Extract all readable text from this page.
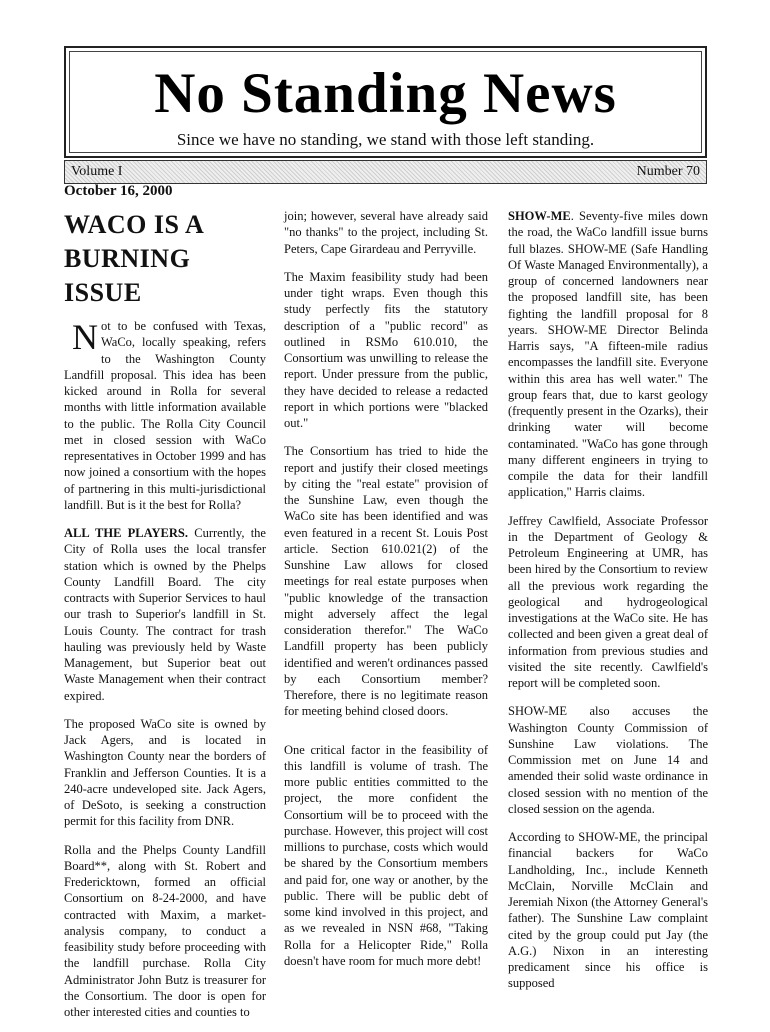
No Standing News
Since we have no standing, we stand with those left standing.
Volume I	Number 70
October 16, 2000
WACO IS A BURNING ISSUE

Not to be confused with Texas, WaCo, locally speaking, refers to the Washington County Landfill proposal. This idea has been kicked around in Rolla for several months with little information available to the public. The Rolla City Council met in closed session with WaCo representatives in October 1999 and has now joined a consortium with the hopes of partnering in this multi-jurisdictional landfill. But is it the best for Rolla?

ALL THE PLAYERS. Currently, the City of Rolla uses the local transfer station which is owned by the Phelps County Landfill Board. The city contracts with Superior Services to haul our trash to Superior's landfill in St. Louis County. The contract for trash hauling was previously held by Waste Management, but Superior beat out Waste Management when their contract expired.

The proposed WaCo site is owned by Jack Agers, and is located in Washington County near the borders of Franklin and Jefferson Counties. It is a 240-acre undeveloped site. Jack Agers, of DeSoto, is seeking a construction permit for this facility from DNR.

Rolla and the Phelps County Landfill Board**, along with St. Robert and Fredericktown, formed an official Consortium on 8-24-2000, and have contracted with Maxim, a market-analysis company, to conduct a feasibility study before proceeding with the landfill purchase. Rolla City Administrator John Butz is treasurer for the Consortium. The door is open for other interested cities and counties to

join; however, several have already said "no thanks" to the project, including St. Peters, Cape Girardeau and Perryville.

The Maxim feasibility study had been under tight wraps. Even though this study perfectly fits the statutory description of a "public record" as outlined in RSMo 610.010, the Consortium was unwilling to release the report. Under pressure from the public, they have decided to release a redacted report in which portions were "blacked out."

The Consortium has tried to hide the report and justify their closed meetings by citing the "real estate" provision of the Sunshine Law, even though the WaCo site has been identified and was even featured in a recent St. Louis Post article. Section 610.021(2) of the Sunshine Law allows for closed meetings for real estate purposes when "public knowledge of the transaction might adversely affect the legal consideration therefor." The WaCo Landfill property has been publicly identified and weren't ordinances passed by each Consortium member? Therefore, there is no legitimate reason for meeting behind closed doors.

One critical factor in the feasibility of this landfill is volume of trash. The more public entities committed to the project, the more confident the Consortium will be to proceed with the purchase. However, this project will cost millions to purchase, costs which would be shared by the Consortium members and paid for, one way or another, by the public. There will be public debt of some kind involved in this project, and as we revealed in NSN #68, "Taking Rolla for a Helicopter Ride," Rolla doesn't have room for much more debt!

SHOW-ME. Seventy-five miles down the road, the WaCo landfill issue burns full blazes. SHOW-ME (Safe Handling Of Waste Managed Environmentally), a group of concerned landowners near the proposed landfill site, has been fighting the landfill proposal for 8 years. SHOW-ME Director Belinda Harris says, "A fifteen-mile radius encompasses the landfill site. Everyone within this area has well water." The group fears that, due to karst geology (frequently present in the Ozarks), their drinking water will become contaminated. "WaCo has gone through many different engineers in trying to compile the data for their landfill application," Harris claims.

Jeffrey Cawlfield, Associate Professor in the Department of Geology & Petroleum Engineering at UMR, has been hired by the Consortium to review all the previous work regarding the geological and hydrogeological investigations at the WaCo site. He has collected and been given a great deal of information from previous studies and visited the site recently. Cawlfield's report will be completed soon.

SHOW-ME also accuses the Washington County Commission of Sunshine Law violations. The Commission met on June 14 and amended their solid waste ordinance in closed session with no mention of the closed session on the agenda.

According to SHOW-ME, the principal financial backers for WaCo Landholding, Inc., include Kenneth McClain, Norville McClain and Jeremiah Nixon (the Attorney General's father). The Sunshine Law complaint cited by the group could put Jay (the A.G.) Nixon in an interesting predicament since his office is supposed
